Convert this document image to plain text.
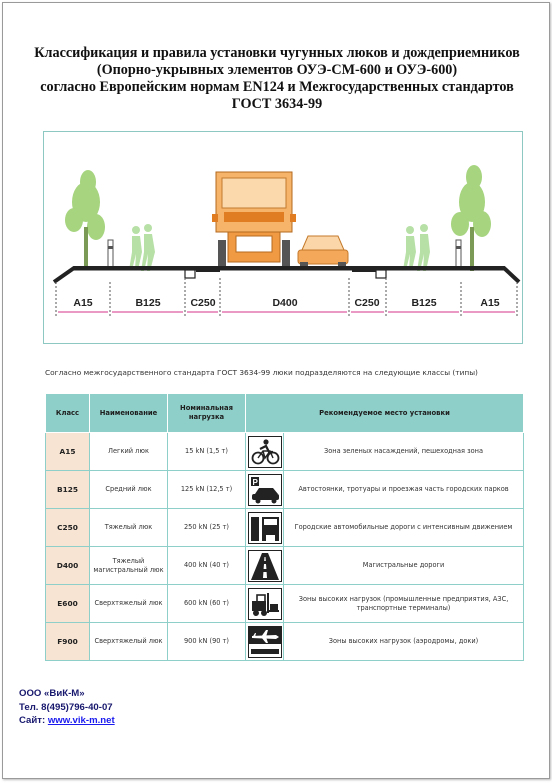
Классификация и правила установки чугунных люков и дождеприемников
(Опорно-укрывных элементов ОУЭ-СМ-600 и ОУЭ-600)
согласно Европейским нормам EN124 и Межгосударственных стандартов
ГОСТ 3634-99
A15	B125	C250	D400	C250	B125	A15
Согласно межгосударственного стандарта ГОСТ 3634-99 люки подразделяются на следующие классы (типы)
Класс	Наименование	Номинальная нагрузка	Рекомендуемое место установки	
A15	Легкий люк	15 kN (1,5 т)		Зона зеленых насаждений, пешеходная зона
B125	Средний люк	125 kN (12,5 т)	P	Автостоянки, тротуары и проезжая часть городских парков
C250	Тяжелый люк	250 kN (25 т)		Городские автомобильные дороги с интенсивным движением
D400	Тяжелый магистральный люк	400 kN (40 т)		Магистральные дороги
E600	Сверхтяжелый люк	600 kN (60 т)		Зоны высоких нагрузок (промышленные предприятия, АЗС, транспортные терминалы)
F900	Сверхтяжелый люк	900 kN (90 т)		Зоны высоких нагрузок (аэродромы, доки)
ООО «ВиК-М»
Тел. 8(495)796-40-07
Сайт: www.vik-m.net
